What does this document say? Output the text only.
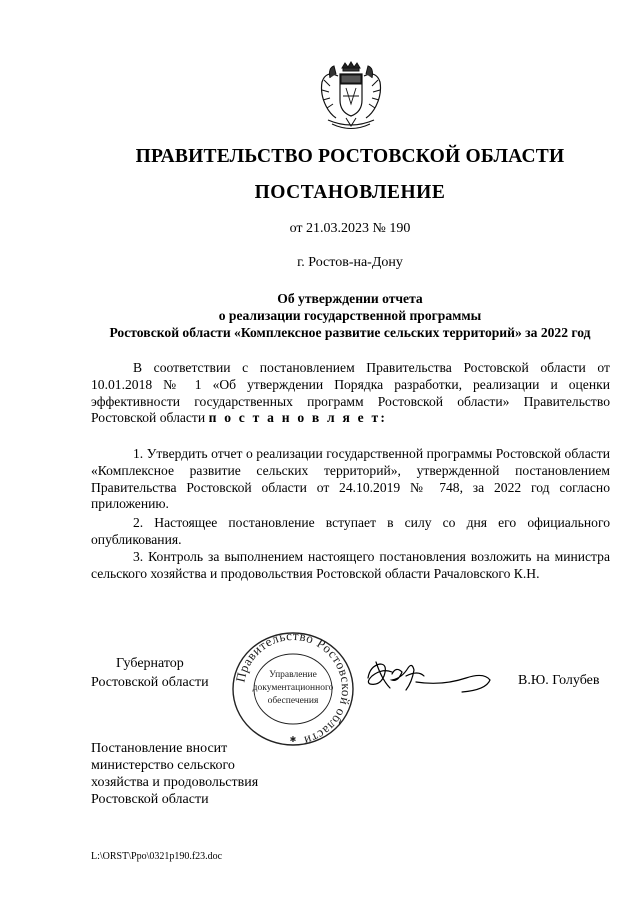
ПРАВИТЕЛЬСТВО РОСТОВСКОЙ ОБЛАСТИ
ПОСТАНОВЛЕНИЕ
от 21.03.2023 № 190
г. Ростов-на-Дону
Об утверждении отчета
о реализации государственной программы
Ростовской области «Комплексное развитие сельских территорий» за 2022 год
В соответствии с постановлением Правительства Ростовской области от 10.01.2018 № 1 «Об утверждении Порядка разработки, реализации и оценки эффективности государственных программ Ростовской области» Правительство Ростовской области п о с т а н о в л я е т:
1. Утвердить отчет о реализации государственной программы Ростовской области «Комплексное развитие сельских территорий», утвержденной постановлением Правительства Ростовской области от 24.10.2019 № 748, за 2022 год согласно приложению.
2. Настоящее постановление вступает в силу со дня его официального опубликования.
3. Контроль за выполнением настоящего постановления возложить на министра сельского хозяйства и продовольствия Ростовской области Рачаловского К.Н.
Губернатор
Ростовской области Правительство Ростовской области
Управление
документационного
обеспечения
✱
В.Ю. Голубев
Постановление вносит
министерство сельского
хозяйства и продовольствия
Ростовской области
L:\ORST\Ppo\0321p190.f23.doc
